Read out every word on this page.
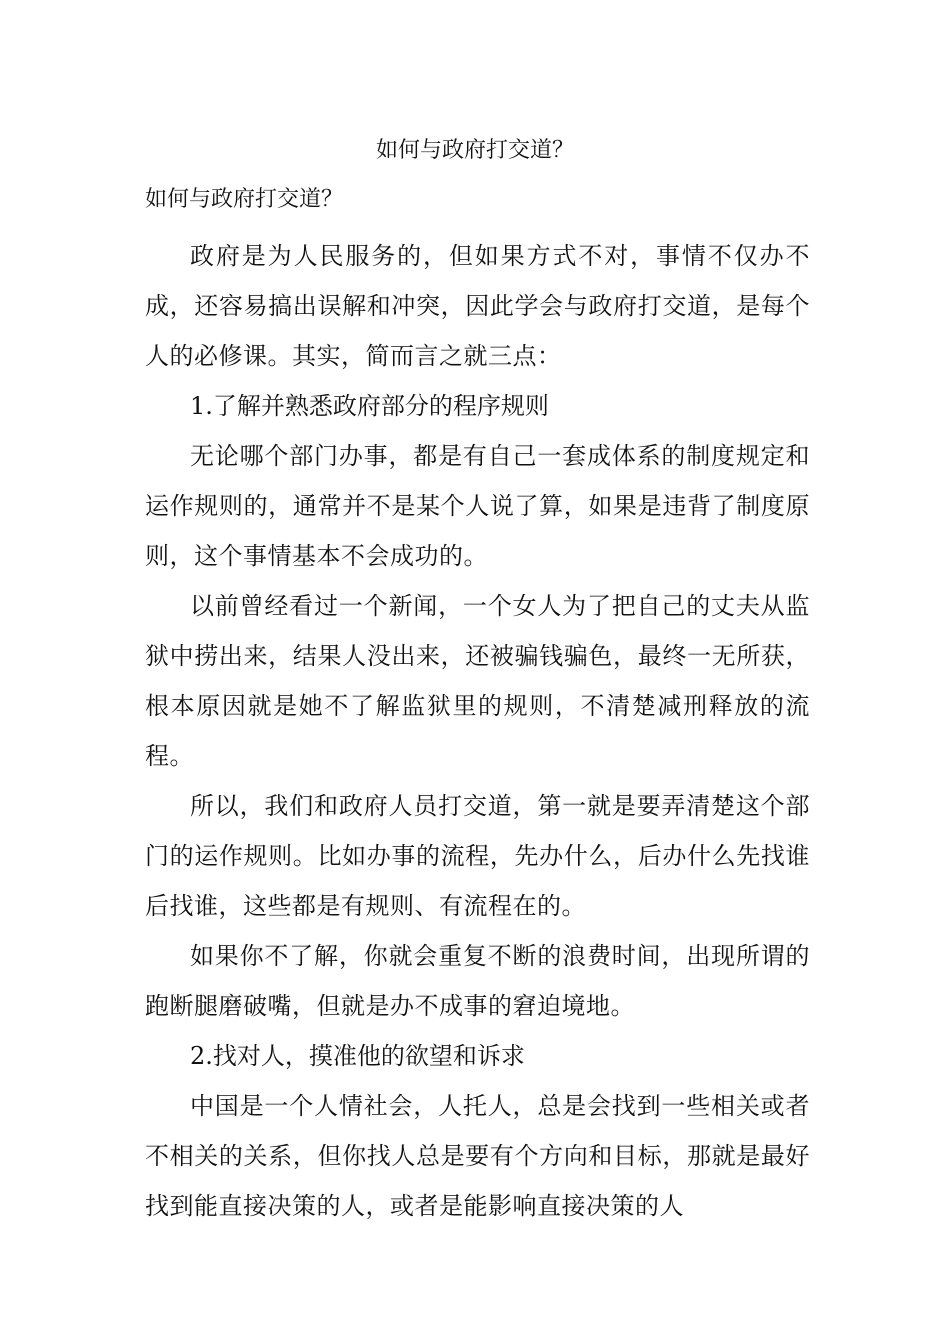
如何与政府打交道？
如何与政府打交道？

政府是为人民服务的，但如果方式不对，事情不仅办不成，还容易搞出误解和冲突，因此学会与政府打交道，是每个人的必修课。其实，简而言之就三点：

1.了解并熟悉政府部分的程序规则

无论哪个部门办事，都是有自己一套成体系的制度规定和运作规则的，通常并不是某个人说了算，如果是违背了制度原则，这个事情基本不会成功的。

以前曾经看过一个新闻，一个女人为了把自己的丈夫从监狱中捞出来，结果人没出来，还被骗钱骗色，最终一无所获，根本原因就是她不了解监狱里的规则，不清楚减刑释放的流程。

所以，我们和政府人员打交道，第一就是要弄清楚这个部门的运作规则。比如办事的流程，先办什么，后办什么先找谁后找谁，这些都是有规则、有流程在的。

如果你不了解，你就会重复不断的浪费时间，出现所谓的跑断腿磨破嘴，但就是办不成事的窘迫境地。

2.找对人，摸准他的欲望和诉求

中国是一个人情社会，人托人，总是会找到一些相关或者不相关的关系，但你找人总是要有个方向和目标，那就是最好找到能直接决策的人，或者是能影响直接决策的人
